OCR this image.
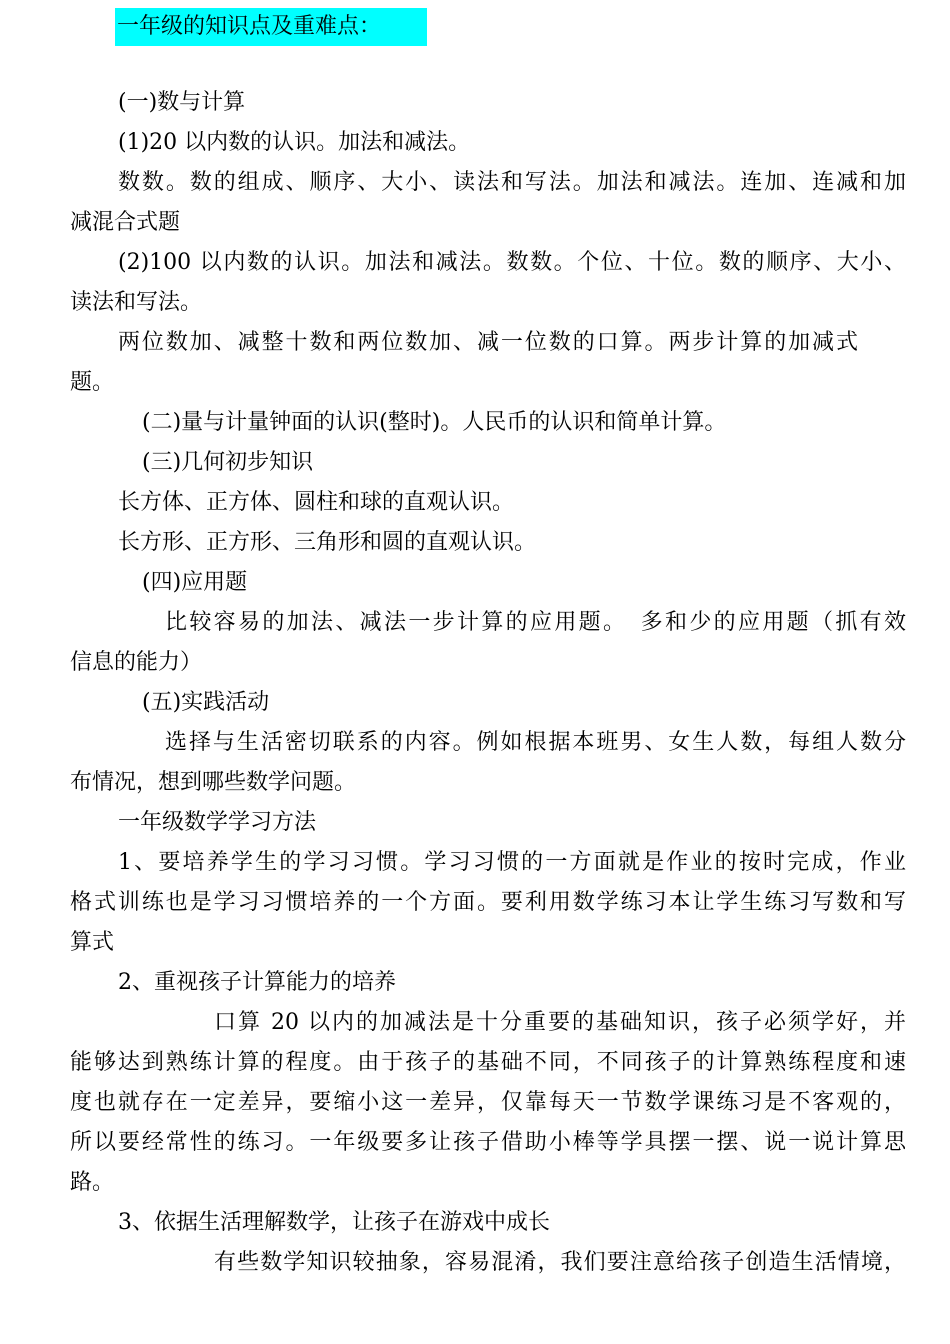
一年级的知识点及重难点：
(一)数与计算
(1)20 以内数的认识。加法和减法。
数数。数的组成、顺序、大小、读法和写法。加法和减法。连加、连减和加
减混合式题
(2)100 以内数的认识。加法和减法。数数。个位、十位。数的顺序、大小、
读法和写法。
两位数加、减整十数和两位数加、减一位数的口算。两步计算的加减式
题。
(二)量与计量钟面的认识(整时)。人民币的认识和简单计算。
(三)几何初步知识
长方体、正方体、圆柱和球的直观认识。
长方形、正方形、三角形和圆的直观认识。
(四)应用题
比较容易的加法、减法一步计算的应用题。　多和少的应用题（抓有效
信息的能力）
(五)实践活动
选择与生活密切联系的内容。例如根据本班男、女生人数，每组人数分
布情况，想到哪些数学问题。
一年级数学学习方法
1、要培养学生的学习习惯。学习习惯的一方面就是作业的按时完成，作业
格式训练也是学习习惯培养的一个方面。要利用数学练习本让学生练习写数和写
算式
2、重视孩子计算能力的培养
口算 20 以内的加减法是十分重要的基础知识，孩子必须学好，并
能够达到熟练计算的程度。由于孩子的基础不同，不同孩子的计算熟练程度和速
度也就存在一定差异，要缩小这一差异，仅靠每天一节数学课练习是不客观的，
所以要经常性的练习。一年级要多让孩子借助小棒等学具摆一摆、说一说计算思
路。
3、依据生活理解数学，让孩子在游戏中成长
有些数学知识较抽象，容易混淆，我们要注意给孩子创造生活情境，
